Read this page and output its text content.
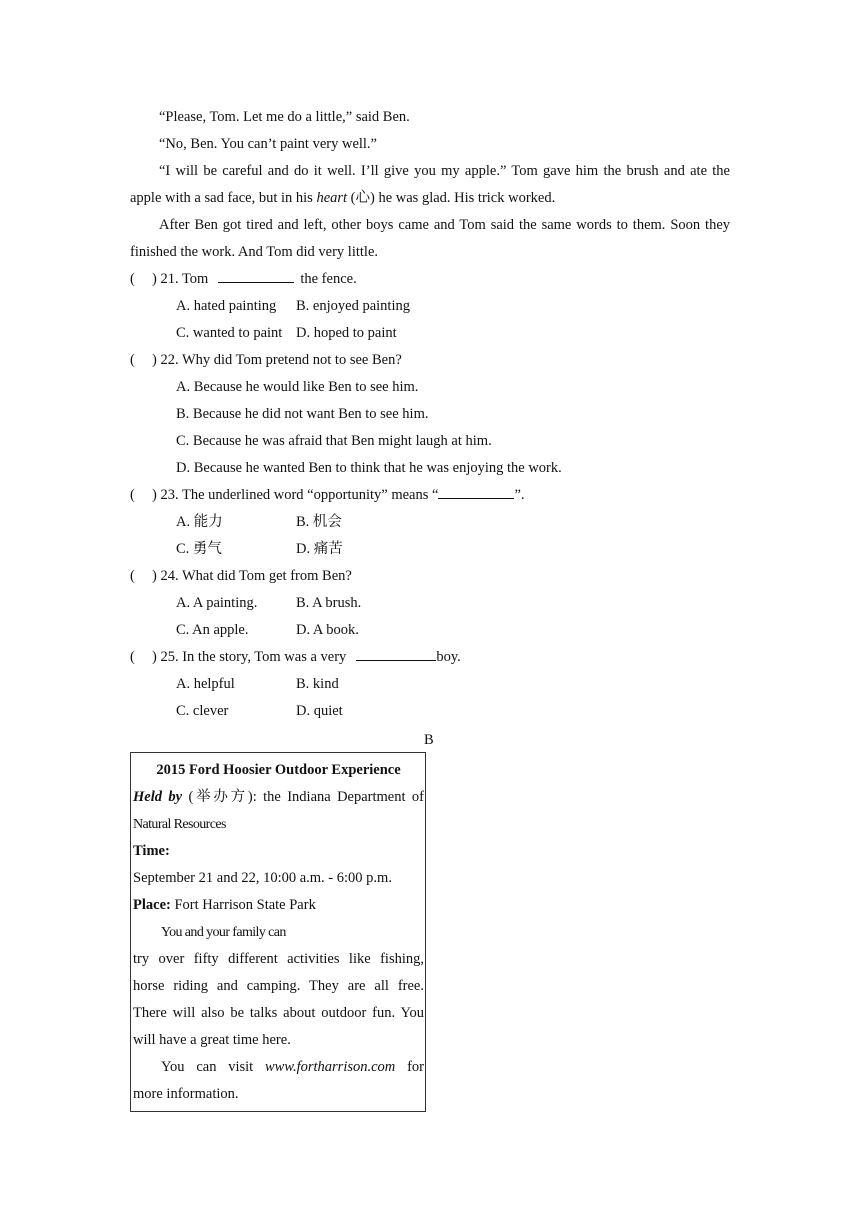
“Please, Tom. Let me do a little,” said Ben.

“No, Ben. You can’t paint very well.”

“I will be careful and do it well. I’ll give you my apple.” Tom gave him the brush and ate the apple with a sad face, but in his heart (心) he was glad. His trick worked.

After Ben got tired and left, other boys came and Tom said the same words to them. Soon they finished the work. And Tom did very little.

( ) 21. Tom	the fence.
A. hated painting B. enjoyed painting
C. wanted to paint D. hoped to paint
( ) 22. Why did Tom pretend not to see Ben?
A. Because he would like Ben to see him.
B. Because he did not want Ben to see him.
C. Because he was afraid that Ben might laugh at him.
D. Because he wanted Ben to think that he was enjoying the work.
( ) 23. The underlined word “opportunity” means “	”.
A. 能力	B. 机会
C. 勇气	D. 痛苦
( ) 24. What did Tom get from Ben?
A. A painting.	B. A brush.
C. An apple.	D. A book.
( ) 25. In the story, Tom was a very	boy.
A. helpful	B. kind
C. clever	D. quiet
B
2015 Ford Hoosier Outdoor Experience
Held by (举办方): the Indiana Department of
Natural Resources
Time:
September 21 and 22, 10:00 a.m. - 6:00 p.m.
Place: Fort Harrison State Park
You and your family can
try over fifty different activities like fishing,
horse riding and camping. They are all free.
There will also be talks about outdoor fun. You
will have a great time here.
You can visit www.fortharrison.com for
more information.
